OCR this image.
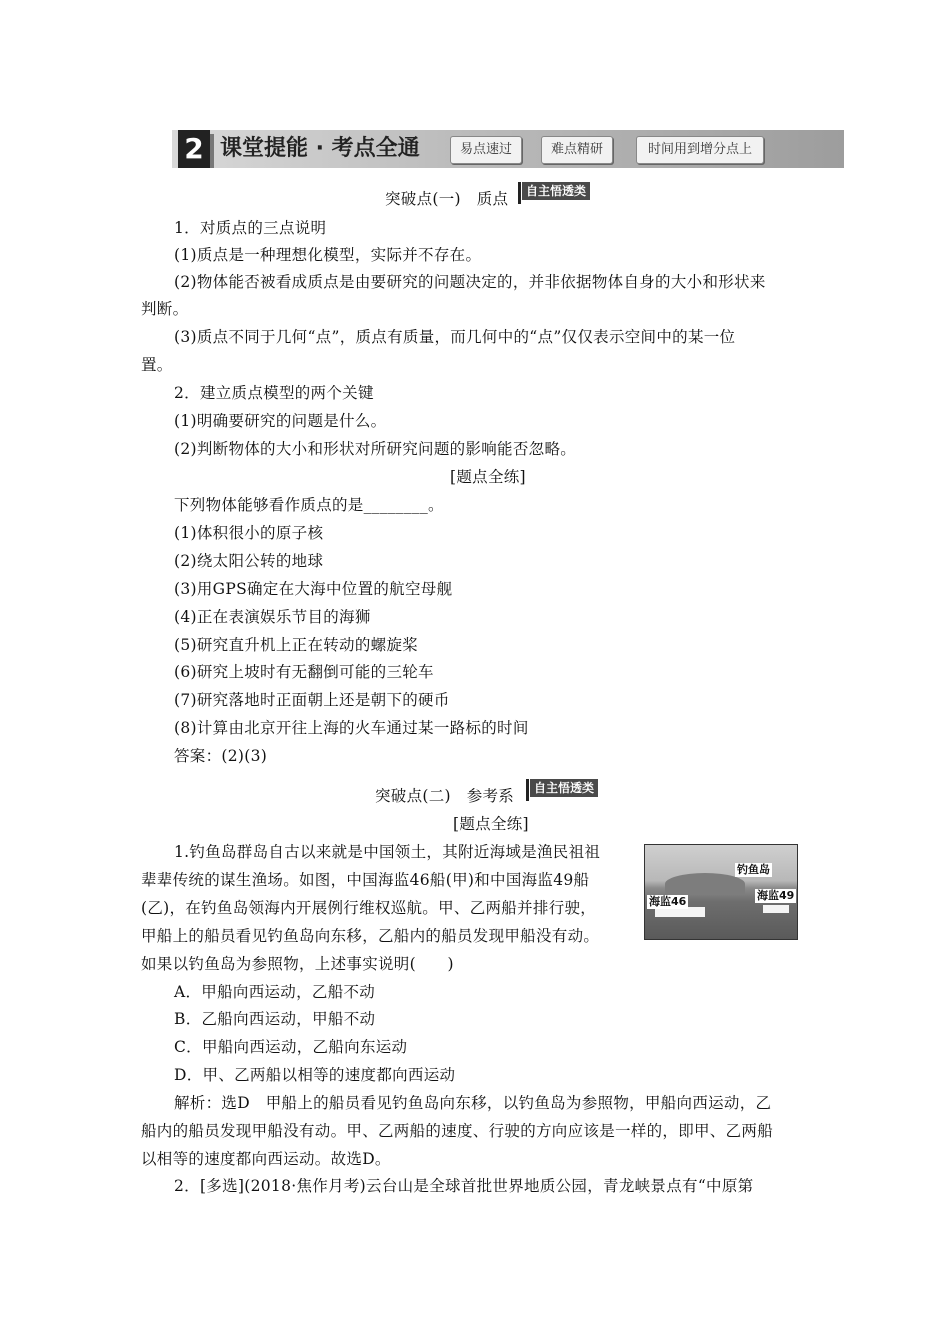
2 课堂提能 · 考点全通	易点速过	难点精研	时间用到增分点上
突破点(一)　质点	自主悟透类
1．对质点的三点说明
(1)质点是一种理想化模型，实际并不存在。
(2)物体能否被看成质点是由要研究的问题决定的，并非依据物体自身的大小和形状来
判断。
(3)质点不同于几何“点”，质点有质量，而几何中的“点”仅仅表示空间中的某一位
置。
2．建立质点模型的两个关键
(1)明确要研究的问题是什么。
(2)判断物体的大小和形状对所研究问题的影响能否忽略。
[题点全练]
下列物体能够看作质点的是________。
(1)体积很小的原子核
(2)绕太阳公转的地球
(3)用GPS确定在大海中位置的航空母舰
(4)正在表演娱乐节目的海狮
(5)研究直升机上正在转动的螺旋桨
(6)研究上坡时有无翻倒可能的三轮车
(7)研究落地时正面朝上还是朝下的硬币
(8)计算由北京开往上海的火车通过某一路标的时间
答案：(2)(3)
突破点(二)　参考系	自主悟透类
[题点全练]
1.钓鱼岛群岛自古以来就是中国领土，其附近海域是渔民祖祖
辈辈传统的谋生渔场。如图，中国海监46船(甲)和中国海监49船
(乙)，在钓鱼岛领海内开展例行维权巡航。甲、乙两船并排行驶，
甲船上的船员看见钓鱼岛向东移，乙船内的船员发现甲船没有动。
如果以钓鱼岛为参照物，上述事实说明(　　)
钓鱼岛
海监46	海监49
A．甲船向西运动，乙船不动
B．乙船向西运动，甲船不动
C．甲船向西运动，乙船向东运动
D．甲、乙两船以相等的速度都向西运动
解析：选D　甲船上的船员看见钓鱼岛向东移，以钓鱼岛为参照物，甲船向西运动，乙
船内的船员发现甲船没有动。甲、乙两船的速度、行驶的方向应该是一样的，即甲、乙两船
以相等的速度都向西运动。故选D。
2．[多选](2018·焦作月考)云台山是全球首批世界地质公园，青龙峡景点有“中原第
